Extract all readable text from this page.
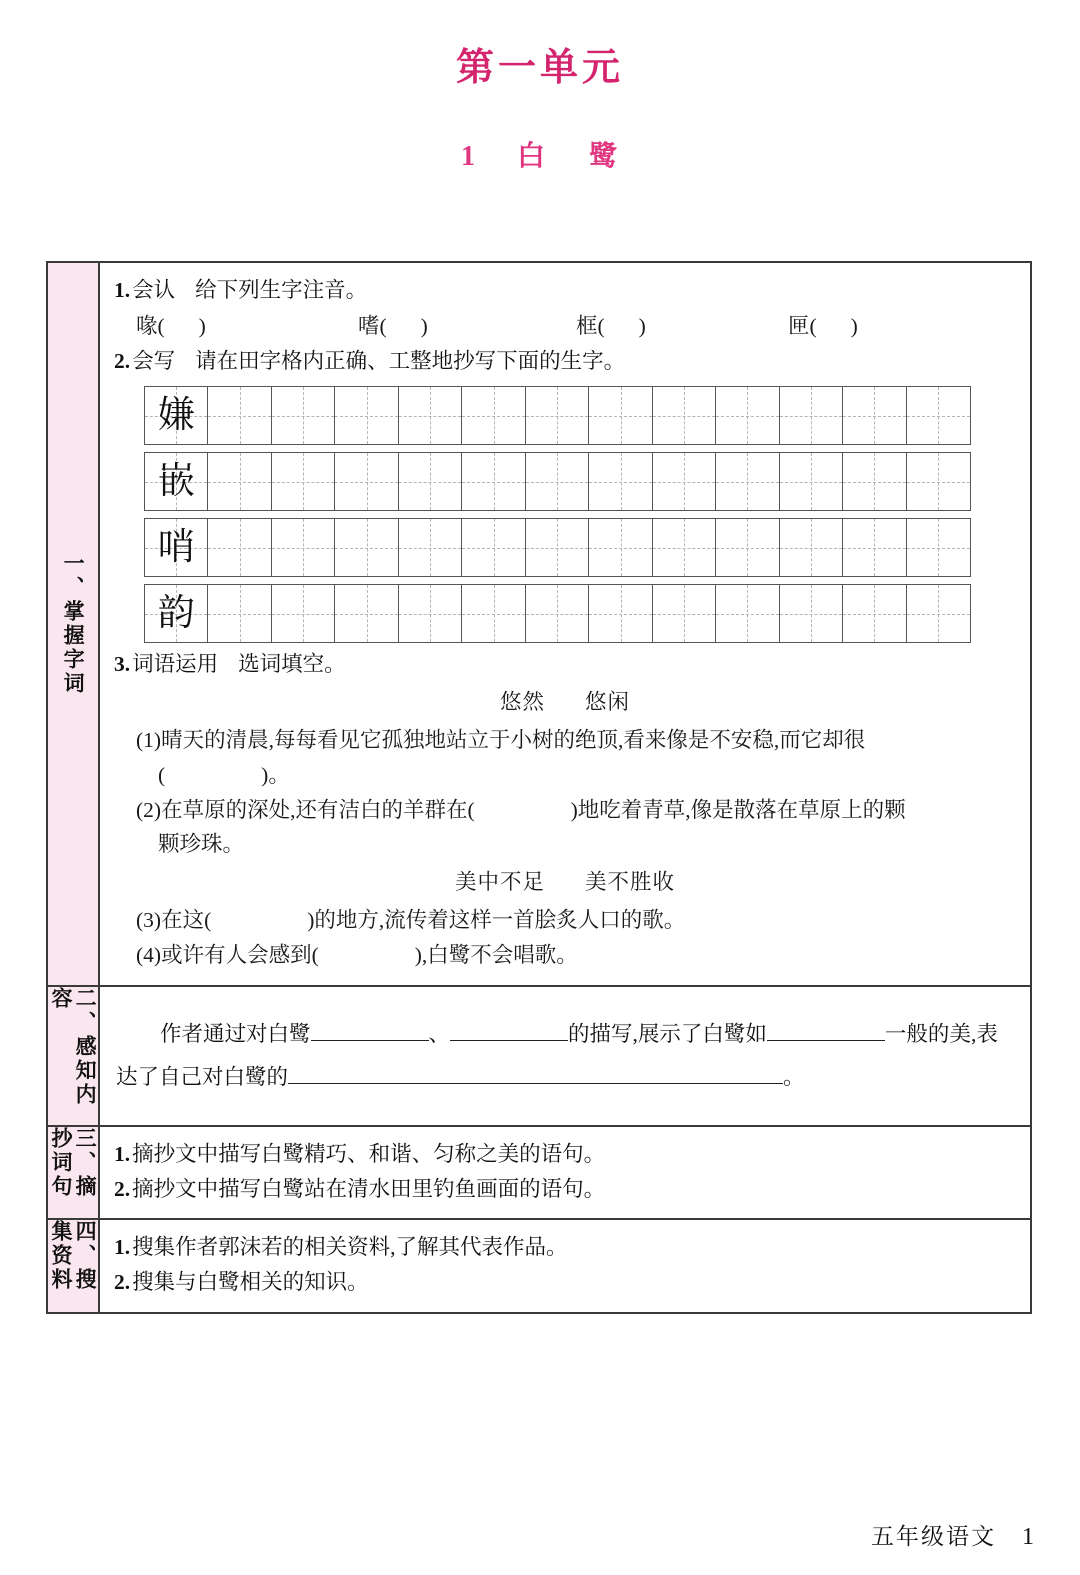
第一单元
1 白 鹭
一、掌握字词
1.会认 给下列生字注音。
喙( )	嗜( )	框( )	匣( )
2.会写 请在田字格内正确、工整地抄写下面的生字。
嫌
嵌
哨
韵
3.词语运用 选词填空。
悠然 悠闲
(1)晴天的清晨,每每看见它孤独地站立于小树的绝顶,看来像是不安稳,而它却很
(	)。
(2)在草原的深处,还有洁白的羊群在(	)地吃着青草,像是散落在草原上的颗
颗珍珠。
美中不足 美不胜收
(3)在这(	)的地方,流传着这样一首脍炙人口的歌。
(4)或许有人会感到(	),白鹭不会唱歌。
二、感知内容
作者通过对白鹭	、	的描写,展示了白鹭如	一般的美,表达了自己对白鹭的	。
三、摘抄词句	1.摘抄文中描写白鹭精巧、和谐、匀称之美的语句。
2.摘抄文中描写白鹭站在清水田里钓鱼画面的语句。
四、搜集资料	1.搜集作者郭沫若的相关资料,了解其代表作品。
2.搜集与白鹭相关的知识。
五年级语文 1
